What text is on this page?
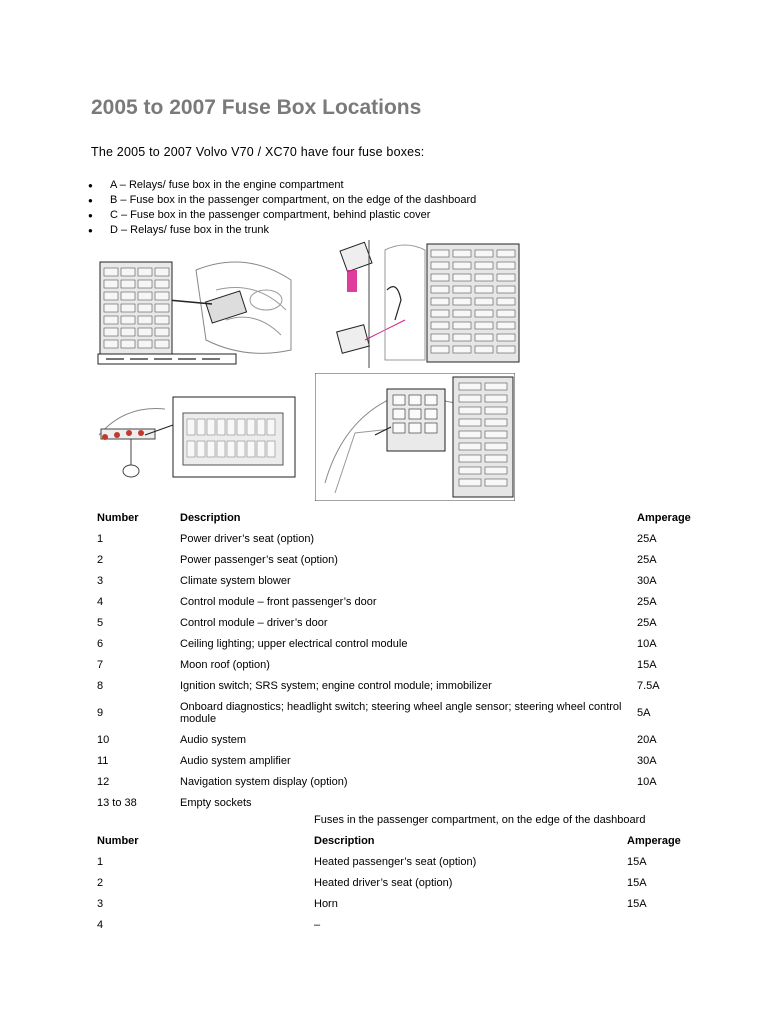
2005 to 2007 Fuse Box Locations
The 2005 to 2007 Volvo V70 / XC70 have four fuse boxes:
● A – Relays/ fuse box in the engine compartment
● B – Fuse box in the passenger compartment, on the edge of the dashboard
● C – Fuse box in the passenger compartment, behind plastic cover
● D – Relays/ fuse box in the trunk
Number	Description	Amperage
1	Power driver’s seat (option)	25A
2	Power passenger’s seat (option)	25A
3	Climate system blower	30A
4	Control module – front passenger’s door	25A
5	Control module – driver’s door	25A
6	Ceiling lighting; upper electrical control module	10A
7	Moon roof (option)	15A
8	Ignition switch; SRS system; engine control module; immobilizer	7.5A
9	Onboard diagnostics; headlight switch; steering wheel angle sensor; steering wheel control module	5A
10	Audio system	20A
11	Audio system amplifier	30A
12	Navigation system display (option)	10A
13 to 38	Empty sockets	
Fuses in the passenger compartment, on the edge of the dashboard
Number	Description	Amperage
1	Heated passenger’s seat (option)	15A
2	Heated driver’s seat (option)	15A
3	Horn	15A
4	–	
